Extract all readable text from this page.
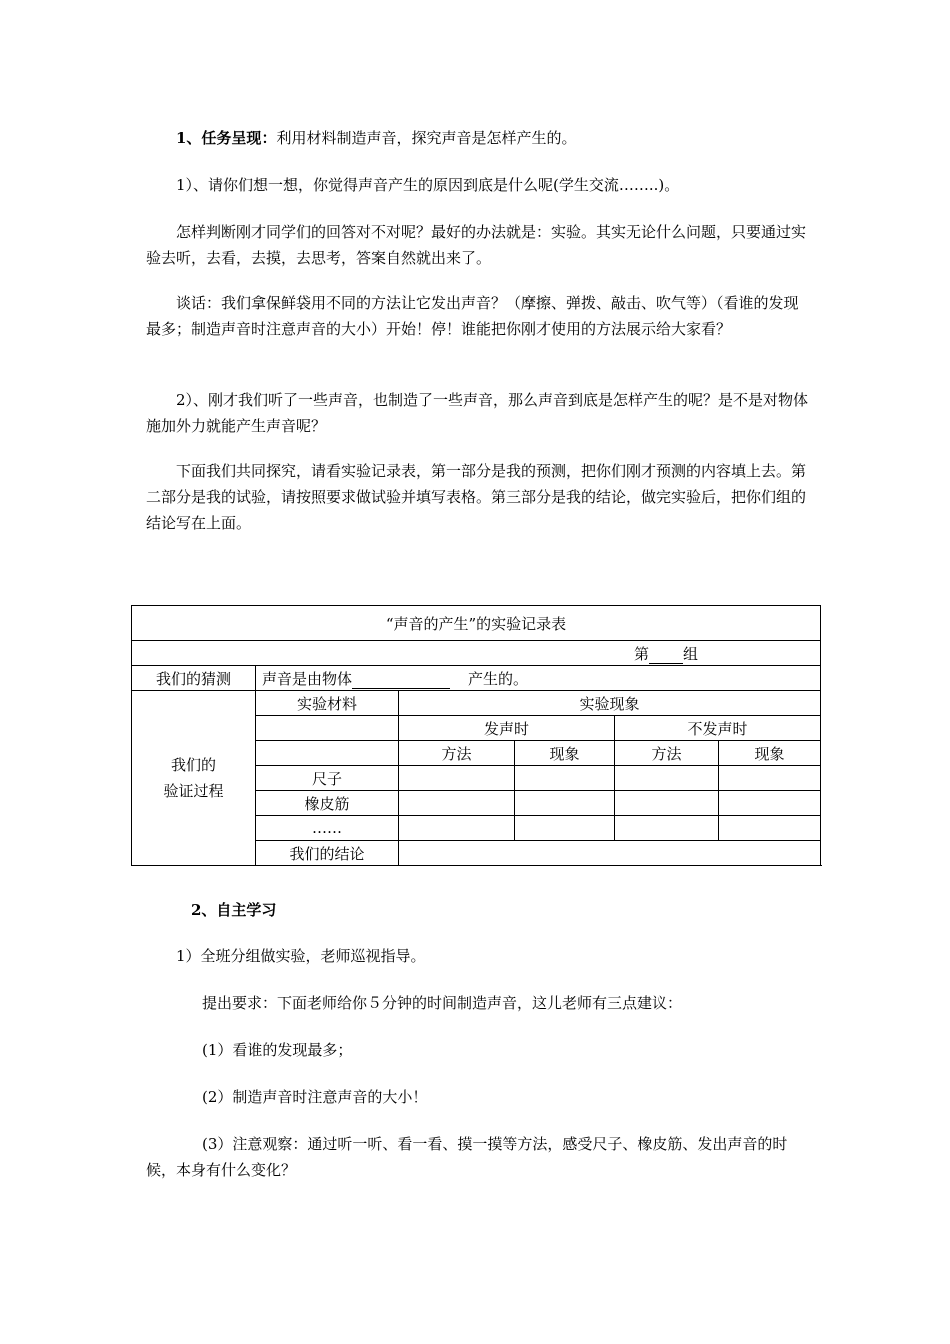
1、任务呈现：利用材料制造声音，探究声音是怎样产生的。

1）、请你们想一想，你觉得声音产生的原因到底是什么呢(学生交流……..)。

怎样判断刚才同学们的回答对不对呢？最好的办法就是：实验。其实无论什么问题，只要通过实验去听，去看，去摸，去思考，答案自然就出来了。

谈话：我们拿保鲜袋用不同的方法让它发出声音？（摩擦、弹拨、敲击、吹气等）（看谁的发现最多；制造声音时注意声音的大小）开始！停！谁能把你刚才使用的方法展示给大家看？

2）、刚才我们听了一些声音，也制造了一些声音，那么声音到底是怎样产生的呢？是不是对物体施加外力就能产生声音呢？

下面我们共同探究，请看实验记录表，第一部分是我的预测，把你们刚才预测的内容填上去。第二部分是我的试验，请按照要求做试验并填写表格。第三部分是我的结论，做完实验后，把你们组的结论写在上面。

“声音的产生”的实验记录表					
第 组					
我们的猜测	声音是由物体 产生的。				
我们的
验证过程	实验材料	实验现象			
		发声时		不发声时	
		方法	现象	方法	现象
	尺子				
	橡皮筋				
	……				
	我们的结论				

2、自主学习

1）全班分组做实验，老师巡视指导。

提出要求：下面老师给你５分钟的时间制造声音，这儿老师有三点建议：

(1）看谁的发现最多；

(2）制造声音时注意声音的大小！

(3）注意观察：通过听一听、看一看、摸一摸等方法，感受尺子、橡皮筋、发出声音的时候，本身有什么变化？
